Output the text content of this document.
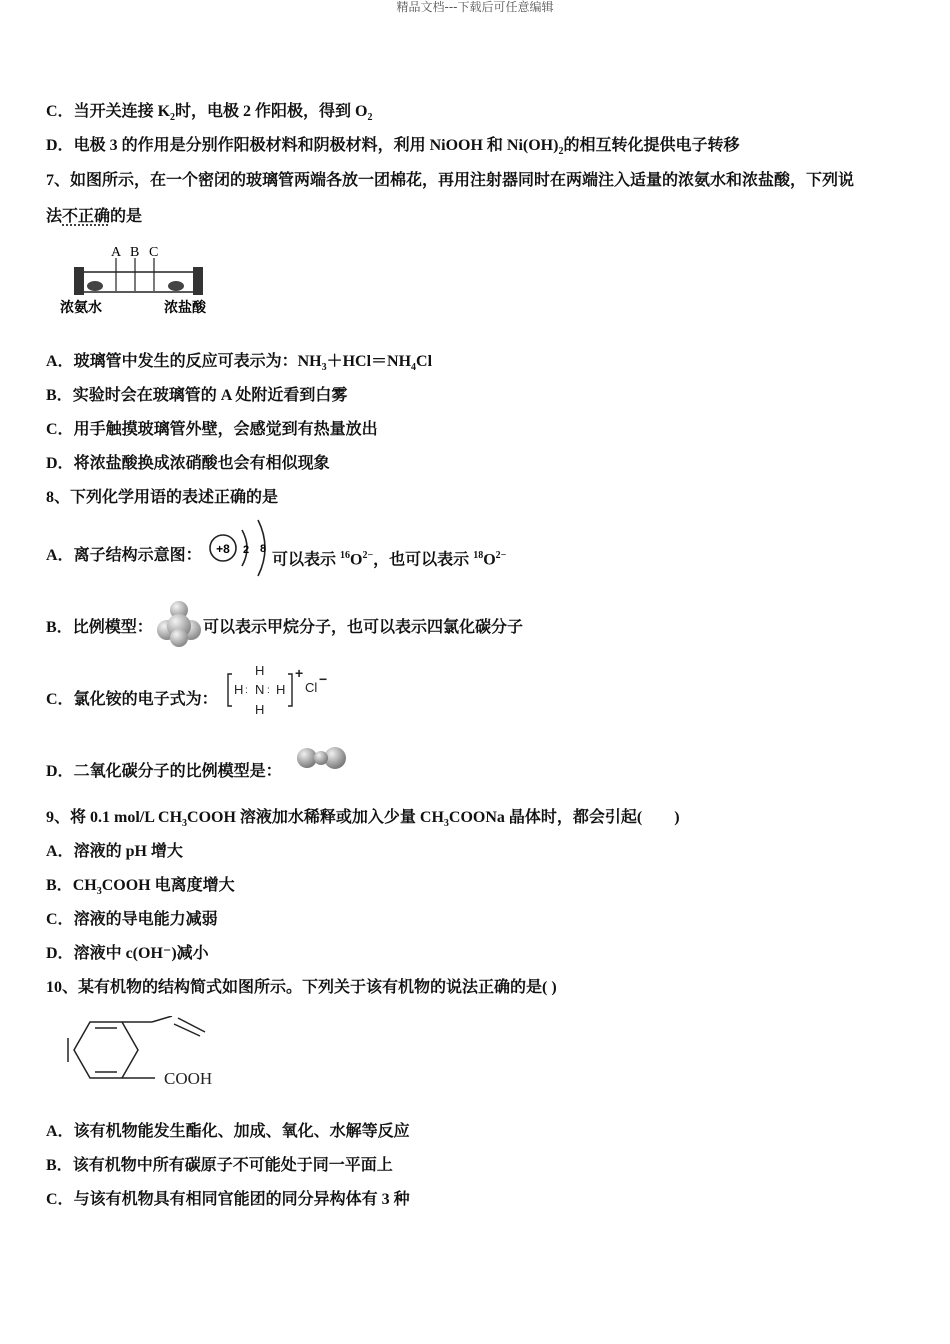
精品文档---下载后可任意编辑
C．当开关连接 $K_2$时，电极 2 作阳极，得到 $O_2$
D．电极 3 的作用是分别作阳极材料和阴极材料，利用 NiOOH 和 $Ni(OH)_2$的相互转化提供电子转移
7、如图所示，在一个密闭的玻璃管两端各放一团棉花，再用注射器同时在两端注入适量的浓氨水和浓盐酸，下列说
法不正确的是
A B C
浓氨水	浓盐酸
A．玻璃管中发生的反应可表示为：$NH_3+HCl=NH_4Cl$
B．实验时会在玻璃管的 A 处附近看到白雾
C．用手触摸玻璃管外壁，会感觉到有热量放出
D．将浓盐酸换成浓硝酸也会有相似现象
8、下列化学用语的表述正确的是
A．离子结构示意图： +8 2 8
可以表示 $^{16}O^{2-}$，也可以表示 $^{18}O^{2-}$
B．比例模型：	可以表示甲烷分子，也可以表示四氯化碳分子
C．氯化铵的电子式为：
H : N
H
H
: H
+
Cl
−
D．二氧化碳分子的比例模型是：
9、将 0.1 mol/L $CH_3COOH$ 溶液加水稀释或加入少量 $CH_3COONa$ 晶体时，都会引起(　　)
A．溶液的 pH 增大
B．$CH_3COOH$ 电离度增大
C．溶液的导电能力减弱
D．溶液中 c(OH⁻)减小
10、某有机物的结构简式如图所示。下列关于该有机物的说法正确的是( )
COOH
A．该有机物能发生酯化、加成、氧化、水解等反应
B．该有机物中所有碳原子不可能处于同一平面上
C．与该有机物具有相同官能团的同分异构体有 3 种
